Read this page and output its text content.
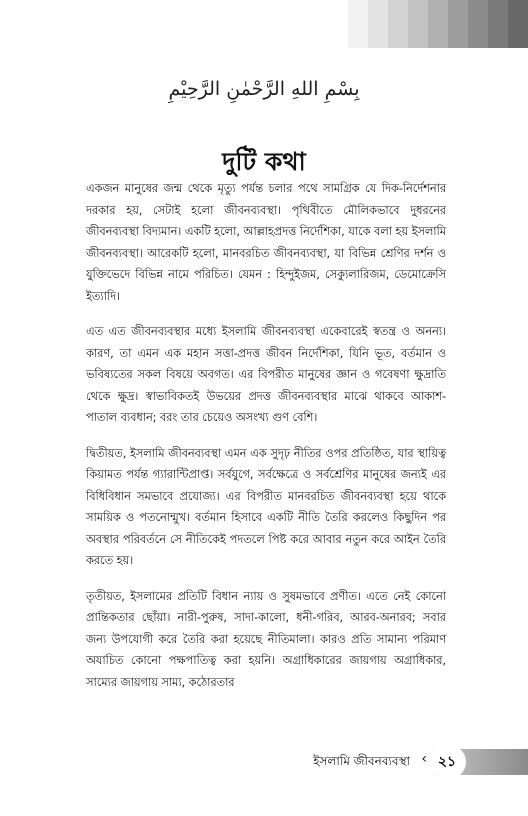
بِسْمِ اللهِ الرَّحْمٰنِ الرَّحِيْمِ
দুটি কথা

একজন মানুষের জন্ম থেকে মৃত্যু পর্যন্ত চলার পথে সামগ্রিক যে দিক-নির্দেশনার দরকার হয়, সেটাই হলো জীবনব্যবস্থা। পৃথিবীতে মৌলিকভাবে দুধরনের জীবনব্যবস্থা বিদ্যমান। একটি হলো, আল্লাহপ্রদত্ত নির্দেশিকা, যাকে বলা হয় ইসলামি জীবনব্যবস্থা। আরেকটি হলো, মানবরচিত জীবনব্যবস্থা, যা বিভিন্ন শ্রেণির দর্শন ও যুক্তিভেদে বিভিন্ন নামে পরিচিত। যেমন : হিন্দুইজম, সেক্যুলারিজম, ডেমোক্রেসি ইত্যাদি।

এত এত জীবনব্যবস্থার মধ্যে ইসলামি জীবনব্যবস্থা একেবারেই স্বতন্ত্র ও অনন্য। কারণ, তা এমন এক মহান সত্তা-প্রদত্ত জীবন নির্দেশিকা, যিনি ভূত, বর্তমান ও ভবিষ্যতের সকল বিষয়ে অবগত। এর বিপরীত মানুষের জ্ঞান ও গবেষণা ক্ষুদ্রাতি থেকে ক্ষুদ্র। স্বাভাবিকতই উভয়ের প্রদত্ত জীবনব্যবস্থার মাঝে থাকবে আকাশ-পাতাল ব্যবধান; বরং তার চেয়েও অসংখ্য গুণ বেশি।

দ্বিতীয়ত, ইসলামি জীবনব্যবস্থা এমন এক সুদৃঢ় নীতির ওপর প্রতিষ্ঠিত, যার স্থায়িত্ব কিয়ামত পর্যন্ত গ্যারান্টিপ্রাপ্ত। সর্বযুগে, সর্বক্ষেত্রে ও সর্বশ্রেণির মানুষের জন্যই এর বিধিবিধান সমভাবে প্রযোজ্য। এর বিপরীত মানবরচিত জীবনব্যবস্থা হয়ে থাকে সাময়িক ও পতনোন্মুখ। বর্তমান হিসাবে একটি নীতি তৈরি করলেও কিছুদিন পর অবস্থার পরিবর্তনে সে নীতিকেই পদতলে পিষ্ট করে আবার নতুন করে আইন তৈরি করতে হয়।

তৃতীয়ত, ইসলামের প্রতিটি বিধান ন্যায় ও সুষমভাবে প্রণীত। এতে নেই কোনো প্রান্তিকতার ছোঁয়া। নারী-পুরুষ, সাদা-কালো, ধনী-গরিব, আরব-অনারব; সবার জন্য উপযোগী করে তৈরি করা হয়েছে নীতিমালা। কারও প্রতি সামান্য পরিমাণ অযাচিত কোনো পক্ষপাতিত্ব করা হয়নি। অগ্রাধিকারের জায়গায় অগ্রাধিকার, সাম্যের জায়গায় সাম্য, কঠোরতার

ইসলামি জীবনব্যবস্থা ‹ ২১
